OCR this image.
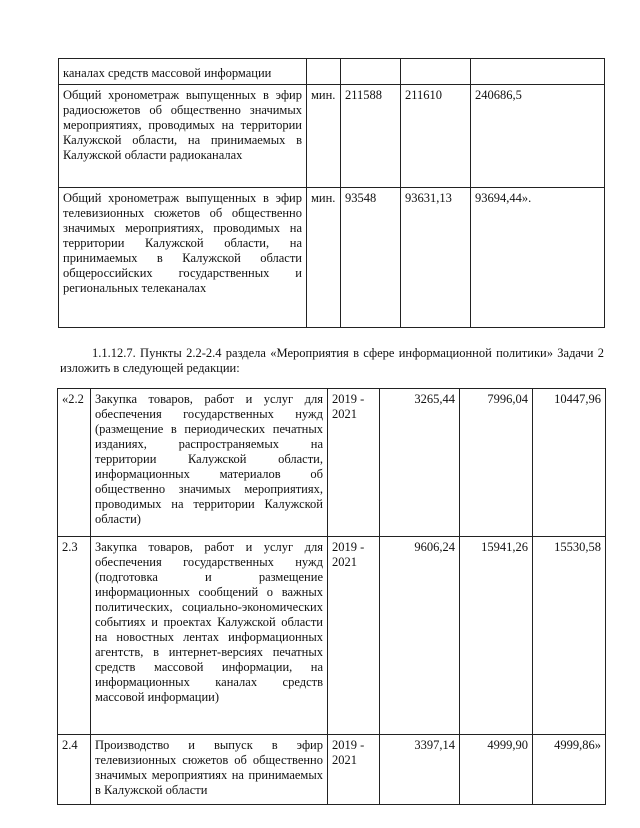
каналах средств массовой информации				
Общий хронометраж выпущенных в эфир радиосюжетов об общественно значимых мероприятиях, проводимых на территории Калужской области, на принимаемых в Калужской области радиоканалах	мин.	211588	211610	240686,5
Общий хронометраж выпущенных в эфир телевизионных сюжетов об общественно значимых мероприятиях, проводимых на территории Калужской области, на принимаемых в Калужской области общероссийских государственных и региональных телеканалах	мин.	93548	93631,13	93694,44».
1.1.12.7. Пункты 2.2-2.4 раздела «Мероприятия в сфере информационной политики» Задачи 2 изложить в следующей редакции:
«2.2	Закупка товаров, работ и услуг для обеспечения государственных нужд (размещение в периодических печатных изданиях, распространяемых на территории Калужской области, информационных материалов об общественно значимых мероприятиях, проводимых на территории Калужской области)	2019 - 2021	3265,44	7996,04	10447,96
2.3	Закупка товаров, работ и услуг для обеспечения государственных нужд (подготовка и размещение информационных сообщений о важных политических, социально-экономических событиях и проектах Калужской области на новостных лентах информационных агентств, в интернет-версиях печатных средств массовой информации, на информационных каналах средств массовой информации)	2019 - 2021	9606,24	15941,26	15530,58
2.4	Производство и выпуск в эфир телевизионных сюжетов об общественно значимых мероприятиях на принимаемых в Калужской области	2019 - 2021	3397,14	4999,90	4999,86»
